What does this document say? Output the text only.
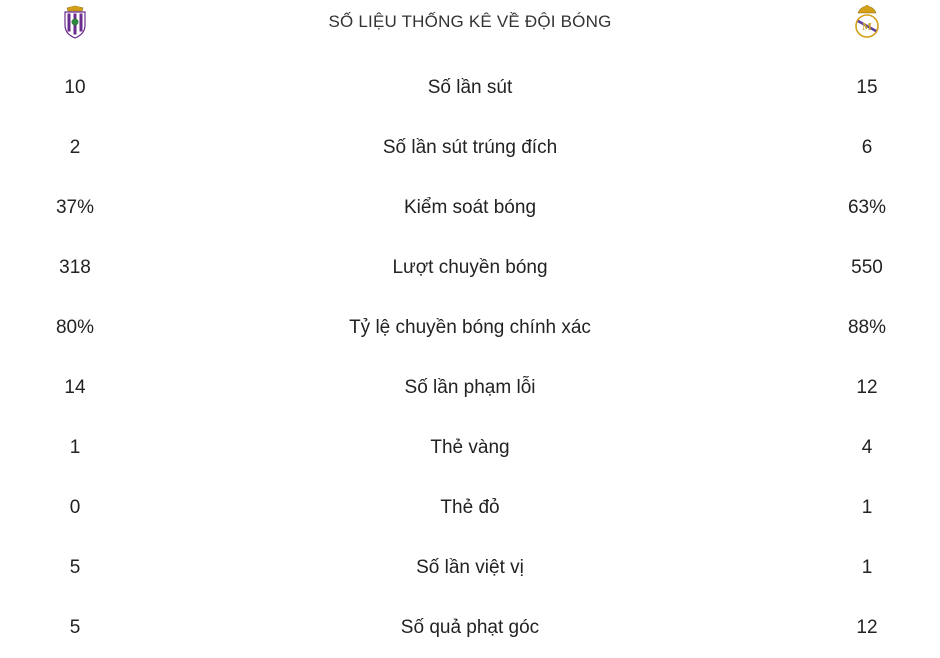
SỐ LIỆU THỐNG KÊ VỀ ĐỘI BÓNG	M
10	Số lần sút	15
2	Số lần sút trúng đích	6
37%	Kiểm soát bóng	63%
318	Lượt chuyền bóng	550
80%	Tỷ lệ chuyền bóng chính xác	88%
14	Số lần phạm lỗi	12
1	Thẻ vàng	4
0	Thẻ đỏ	1
5	Số lần việt vị	1
5	Số quả phạt góc	12
